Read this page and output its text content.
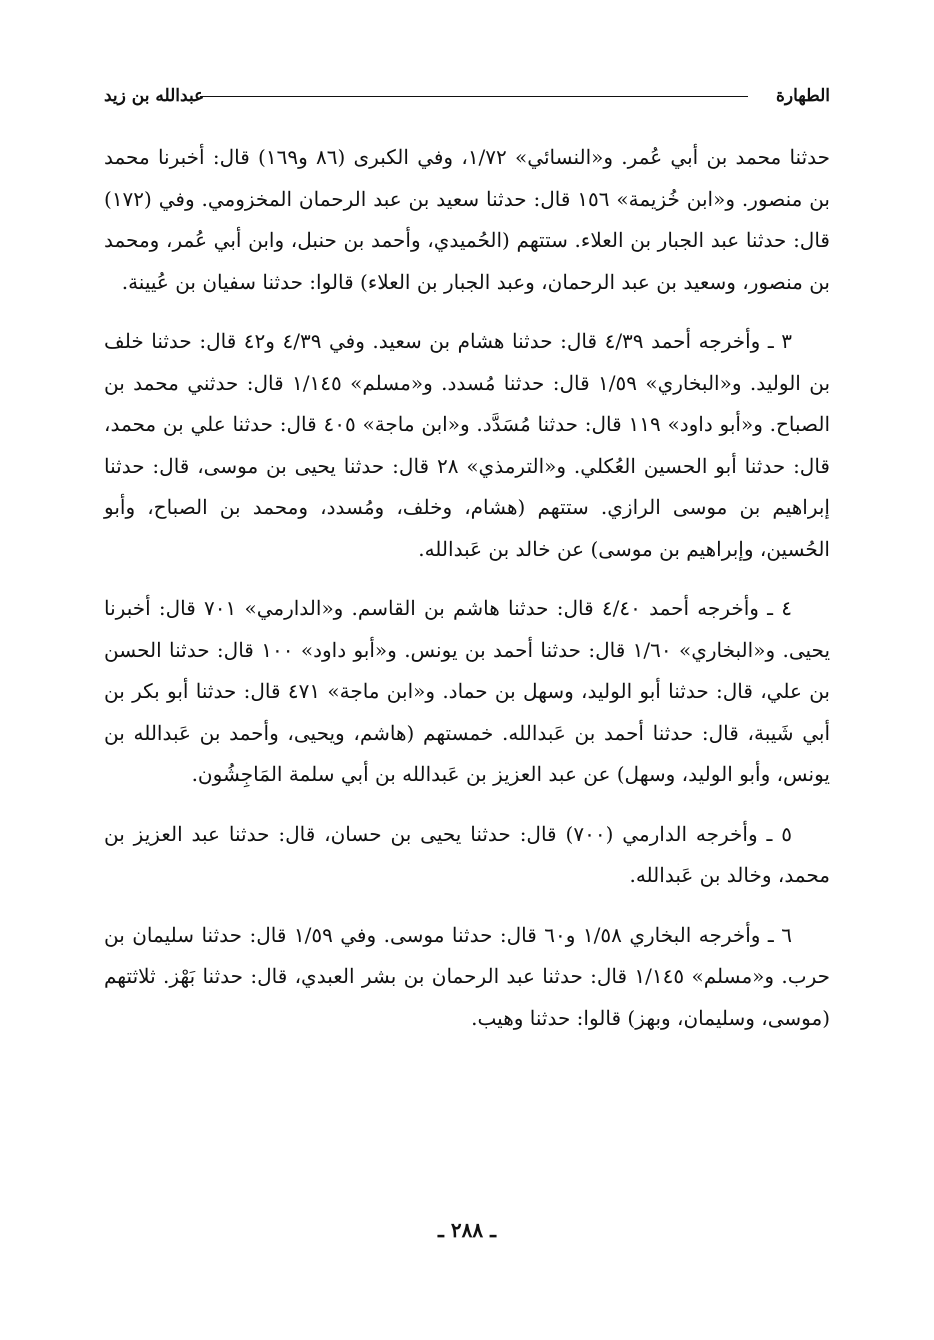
الطهارة
عبدالله بن زيد

حدثنا محمد بن أبي عُمر. و«النسائي» ١/٧٢، وفي الكبرى (٨٦ و١٦٩) قال: أخبرنا محمد بن منصور. و«ابن خُزيمة» ١٥٦ قال: حدثنا سعيد بن عبد الرحمان المخزومي. وفي (١٧٢) قال: حدثنا عبد الجبار بن العلاء. ستتهم (الحُميدي، وأحمد بن حنبل، وابن أبي عُمر، ومحمد بن منصور، وسعيد بن عبد الرحمان، وعبد الجبار بن العلاء) قالوا: حدثنا سفيان بن عُيينة.

٣ ـ وأخرجه أحمد ٤/٣٩ قال: حدثنا هشام بن سعيد. وفي ٤/٣٩ و٤٢ قال: حدثنا خلف بن الوليد. و«البخاري» ١/٥٩ قال: حدثنا مُسدد. و«مسلم» ١/١٤٥ قال: حدثني محمد بن الصباح. و«أبو داود» ١١٩ قال: حدثنا مُسَدَّد. و«ابن ماجة» ٤٠٥ قال: حدثنا علي بن محمد، قال: حدثنا أبو الحسين العُكلي. و«الترمذي» ٢٨ قال: حدثنا يحيى بن موسى، قال: حدثنا إبراهيم بن موسى الرازي. ستتهم (هشام، وخلف، ومُسدد، ومحمد بن الصباح، وأبو الحُسين، وإبراهيم بن موسى) عن خالد بن عَبدالله.

٤ ـ وأخرجه أحمد ٤/٤٠ قال: حدثنا هاشم بن القاسم. و«الدارمي» ٧٠١ قال: أخبرنا يحيى. و«البخاري» ١/٦٠ قال: حدثنا أحمد بن يونس. و«أبو داود» ١٠٠ قال: حدثنا الحسن بن علي، قال: حدثنا أبو الوليد، وسهل بن حماد. و«ابن ماجة» ٤٧١ قال: حدثنا أبو بكر بن أبي شَيبة، قال: حدثنا أحمد بن عَبدالله. خمستهم (هاشم، ويحيى، وأحمد بن عَبدالله بن يونس، وأبو الوليد، وسهل) عن عبد العزيز بن عَبدالله بن أبي سلمة المَاجِشُون.

٥ ـ وأخرجه الدارمي (٧٠٠) قال: حدثنا يحيى بن حسان، قال: حدثنا عبد العزيز بن محمد، وخالد بن عَبدالله.

٦ ـ وأخرجه البخاري ١/٥٨ و٦٠ قال: حدثنا موسى. وفي ١/٥٩ قال: حدثنا سليمان بن حرب. و«مسلم» ١/١٤٥ قال: حدثنا عبد الرحمان بن بشر العبدي، قال: حدثنا بَهْز. ثلاثتهم (موسى، وسليمان، وبهز) قالوا: حدثنا وهيب.

ـ ٢٨٨ ـ
